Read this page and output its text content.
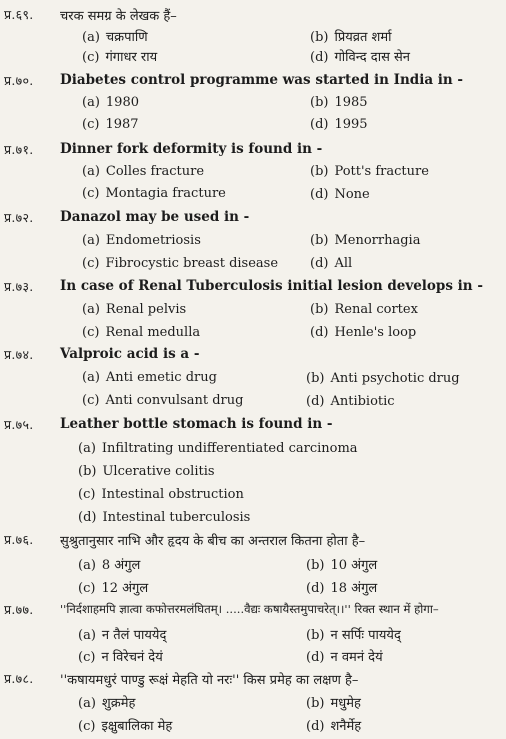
प्र.६९. चरक समग्र के लेखक हैं–
(a) चक्रपाणि	(b) प्रियव्रत शर्मा
(c) गंगाधर राय	(d) गोविन्द दास सेन
प्र.७०. Diabetes control programme was started in India in -
(a) 1980	(b) 1985
(c) 1987	(d) 1995
प्र.७१. Dinner fork deformity is found in -
(a) Colles fracture	(b) Pott's fracture
(c) Montagia fracture	(d) None
प्र.७२. Danazol may be used in -
(a) Endometriosis	(b) Menorrhagia
(c) Fibrocystic breast disease (d) All
प्र.७३. In case of Renal Tuberculosis initial lesion develops in -
(a) Renal pelvis	(b) Renal cortex
(c) Renal medulla	(d) Henle's loop
प्र.७४. Valproic acid is a -
(a) Anti emetic drug	(b) Anti psychotic drug
(c) Anti convulsant drug	(d) Antibiotic
प्र.७५. Leather bottle stomach is found in -
(a) Infiltrating undifferentiated carcinoma
(b) Ulcerative colitis
(c) Intestinal obstruction
(d) Intestinal tuberculosis
प्र.७६. सुश्रुतानुसार नाभि और हृदय के बीच का अन्तराल कितना होता है–
(a) 8 अंगुल	(b) 10 अंगुल
(c) 12 अंगुल	(d) 18 अंगुल
प्र.७७. ''निर्दशाहमपि ज्ञात्वा कफोत्तरमलंघितम्। .....वैद्यः कषायैस्तमुपाचरेत्।।'' रिक्त स्थान में होगा–
(a) न तैलं पाययेद्	(b) न सर्पिः पाययेद्
(c) न विरेचनं देयं	(d) न वमनं देयं
प्र.७८. ''कषायमधुरं पाण्डु रूक्षं मेहति यो नरः'' किस प्रमेह का लक्षण है–
(a) शुक्रमेह	(b) मधुमेह
(c) इक्षुबालिका मेह	(d) शनैर्मेह
